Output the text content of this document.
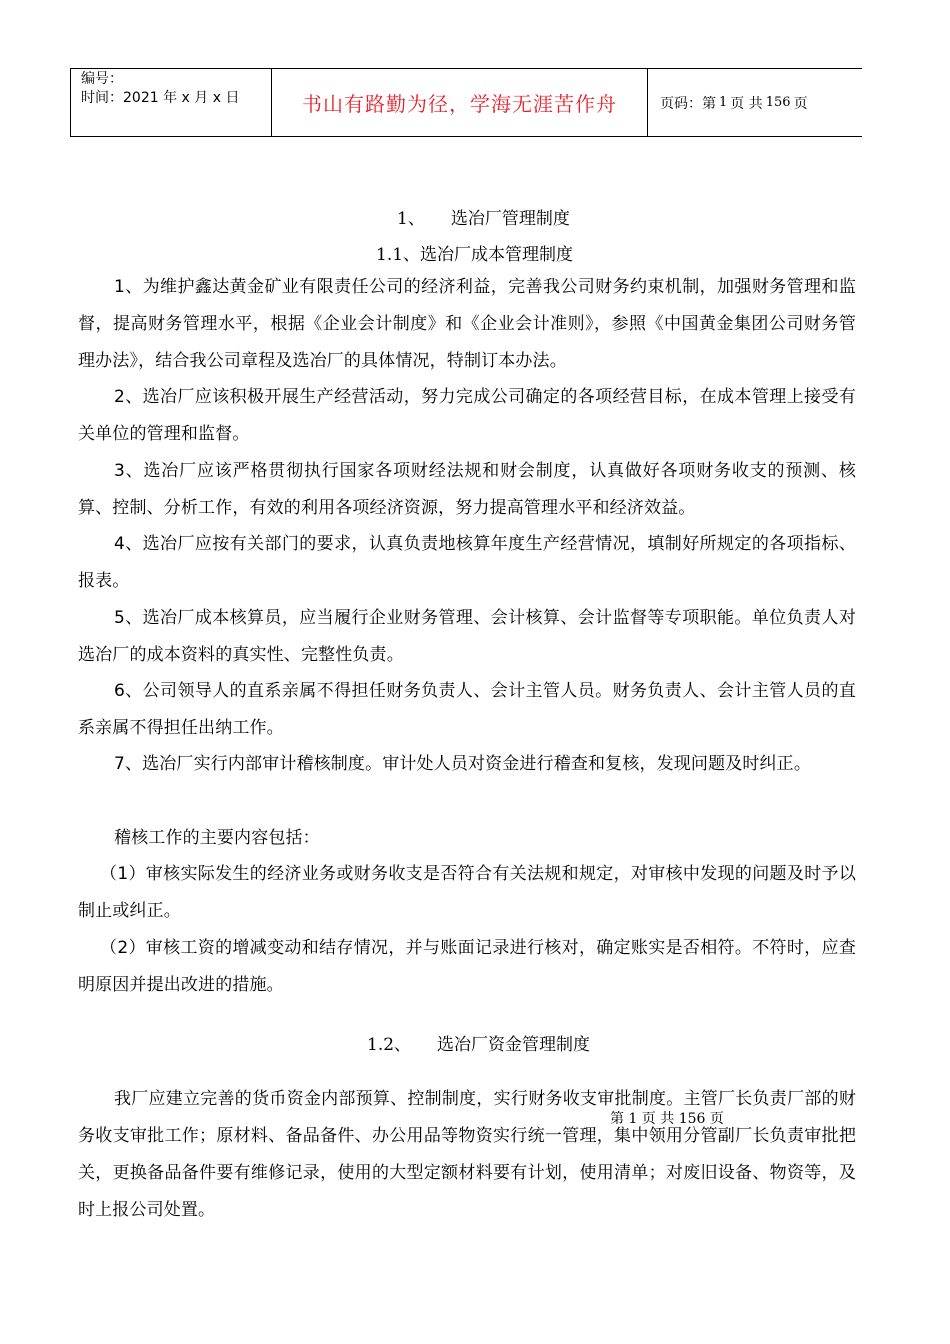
编号：
时间：2021 年 x 月 x 日	书山有路勤为径，学海无涯苦作舟	页码：第 1 页 共 156 页
1、 选冶厂管理制度
1.1、选冶厂成本管理制度
1、为维护鑫达黄金矿业有限责任公司的经济利益，完善我公司财务约束机制，加强财务管理和监督，提高财务管理水平，根据《企业会计制度》和《企业会计准则》，参照《中国黄金集团公司财务管理办法》，结合我公司章程及选冶厂的具体情况，特制订本办法。
2、选冶厂应该积极开展生产经营活动，努力完成公司确定的各项经营目标，在成本管理上接受有关单位的管理和监督。
3、选冶厂应该严格贯彻执行国家各项财经法规和财会制度，认真做好各项财务收支的预测、核算、控制、分析工作，有效的利用各项经济资源，努力提高管理水平和经济效益。
4、选冶厂应按有关部门的要求，认真负责地核算年度生产经营情况，填制好所规定的各项指标、报表。
5、选冶厂成本核算员，应当履行企业财务管理、会计核算、会计监督等专项职能。单位负责人对选冶厂的成本资料的真实性、完整性负责。
6、公司领导人的直系亲属不得担任财务负责人、会计主管人员。财务负责人、会计主管人员的直系亲属不得担任出纳工作。
7、选冶厂实行内部审计稽核制度。审计处人员对资金进行稽查和复核，发现问题及时纠正。
稽核工作的主要内容包括：
（1）审核实际发生的经济业务或财务收支是否符合有关法规和规定，对审核中发现的问题及时予以制止或纠正。
（2）审核工资的增减变动和结存情况，并与账面记录进行核对，确定账实是否相符。不符时，应查明原因并提出改进的措施。
1.2、 选冶厂资金管理制度
我厂应建立完善的货币资金内部预算、控制制度，实行财务收支审批制度。主管厂长负责厂部的财务收支审批工作；原材料、备品备件、办公用品等物资实行统一管理，集中领用分管副厂长负责审批把关，更换备品备件要有维修记录，使用的大型定额材料要有计划，使用清单；对废旧设备、物资等，及时上报公司处置。
第 1 页 共 156 页
